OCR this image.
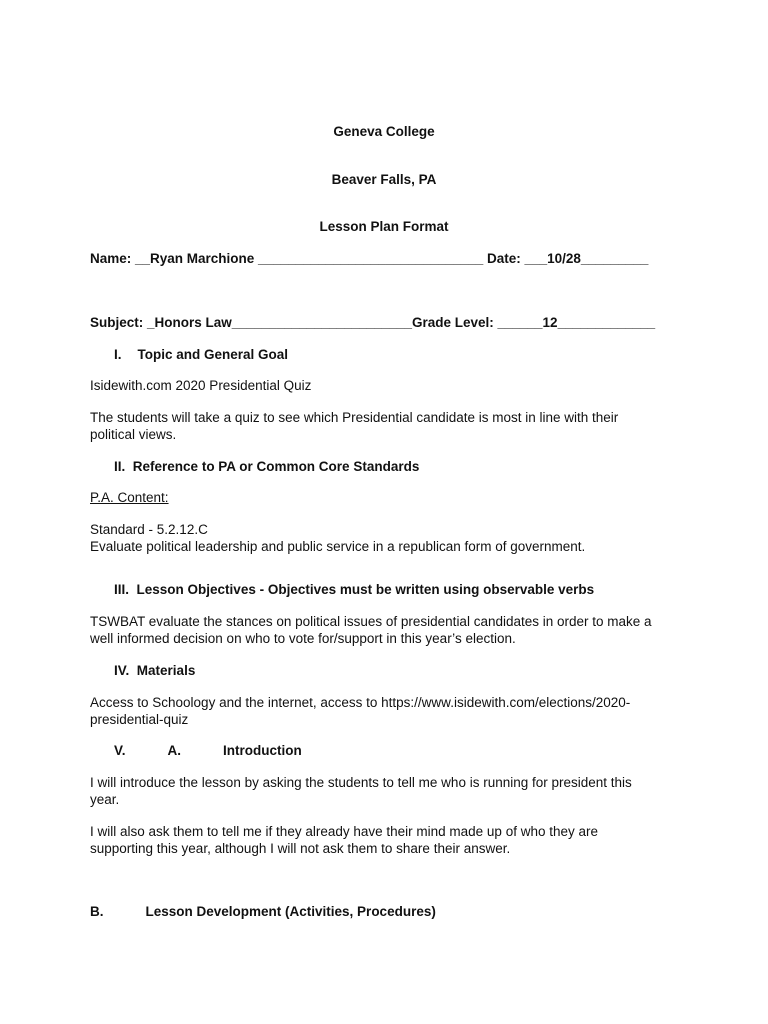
Geneva College
Beaver Falls, PA
Lesson Plan Format
Name: __Ryan Marchione ______________________________ Date: ___10/28_________
Subject: _Honors Law________________________Grade Level: ______12_____________
I. Topic and General Goal
Isidewith.com 2020 Presidential Quiz
The students will take a quiz to see which Presidential candidate is most in line with their
political views.
II. Reference to PA or Common Core Standards
P.A. Content:
Standard - 5.2.12.C
Evaluate political leadership and public service in a republican form of government.
III. Lesson Objectives - Objectives must be written using observable verbs
TSWBAT evaluate the stances on political issues of presidential candidates in order to make a
well informed decision on who to vote for/support in this year’s election.
IV. Materials
Access to Schoology and the internet, access to https://www.isidewith.com/elections/2020-
presidential-quiz
V.	A.	Introduction
I will introduce the lesson by asking the students to tell me who is running for president this
year.
I will also ask them to tell me if they already have their mind made up of who they are
supporting this year, although I will not ask them to share their answer.
B.	Lesson Development (Activities, Procedures)
